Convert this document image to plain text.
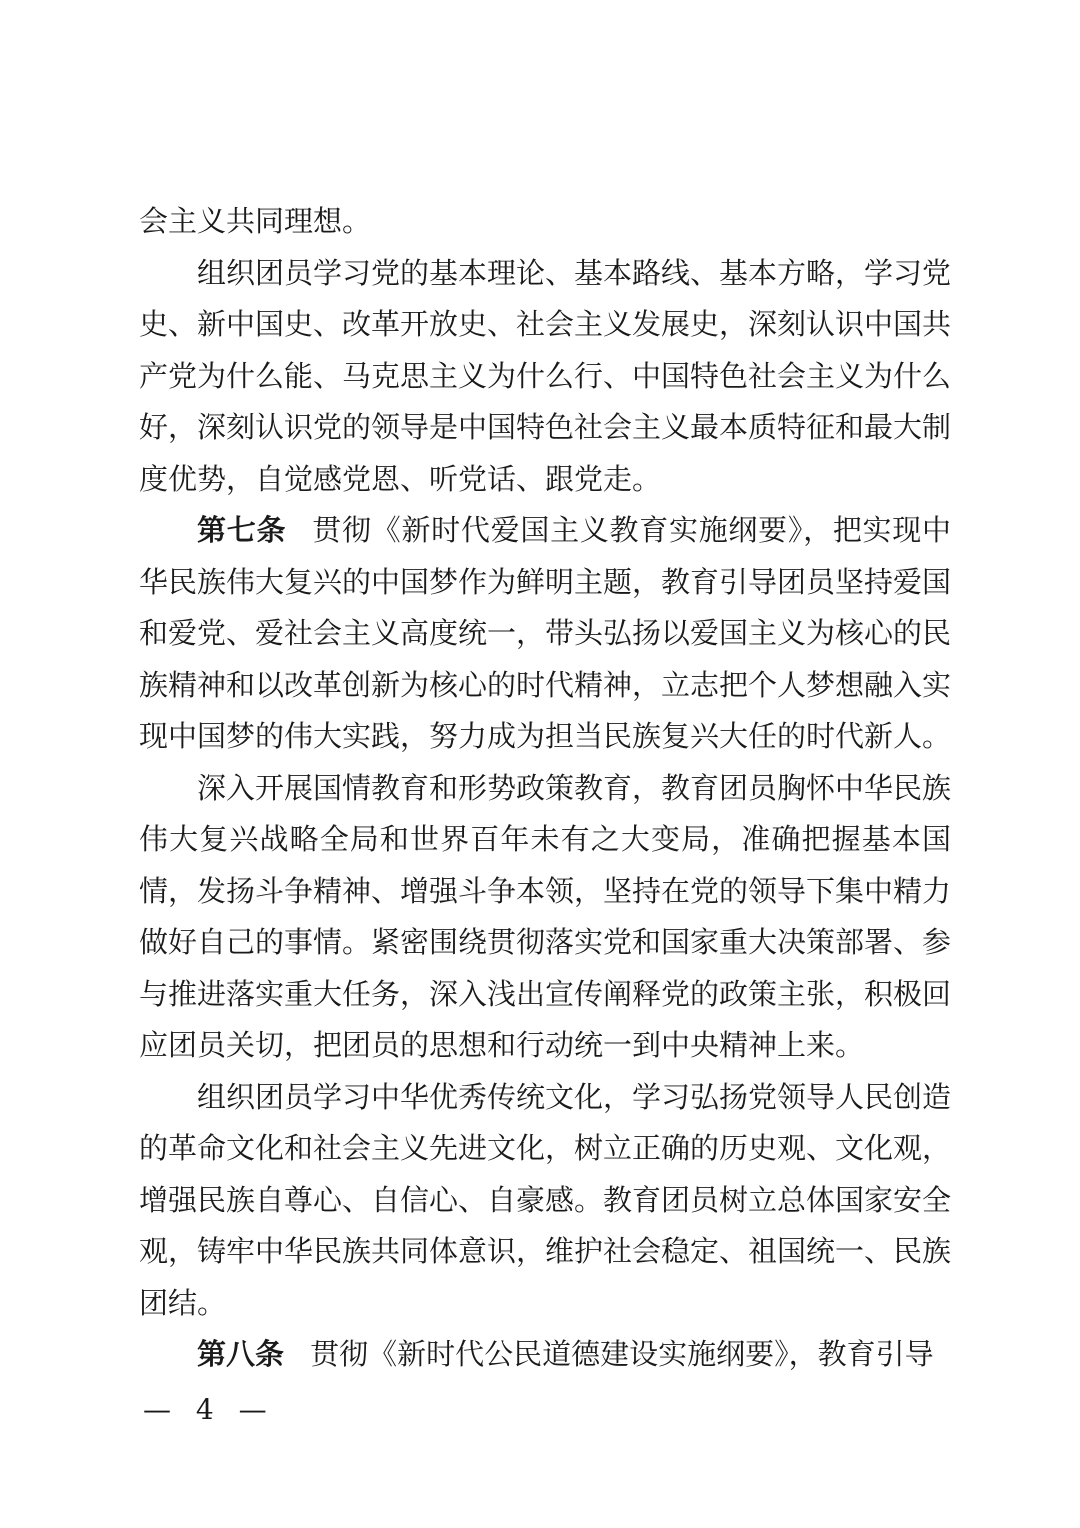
会主义共同理想。

组织团员学习党的基本理论、基本路线、基本方略，学习党史、新中国史、改革开放史、社会主义发展史，深刻认识中国共产党为什么能、马克思主义为什么行、中国特色社会主义为什么好，深刻认识党的领导是中国特色社会主义最本质特征和最大制度优势，自觉感党恩、听党话、跟党走。

第七条 贯彻《新时代爱国主义教育实施纲要》，把实现中华民族伟大复兴的中国梦作为鲜明主题，教育引导团员坚持爱国和爱党、爱社会主义高度统一，带头弘扬以爱国主义为核心的民族精神和以改革创新为核心的时代精神，立志把个人梦想融入实现中国梦的伟大实践，努力成为担当民族复兴大任的时代新人。

深入开展国情教育和形势政策教育，教育团员胸怀中华民族伟大复兴战略全局和世界百年未有之大变局，准确把握基本国情，发扬斗争精神、增强斗争本领，坚持在党的领导下集中精力做好自己的事情。紧密围绕贯彻落实党和国家重大决策部署、参与推进落实重大任务，深入浅出宣传阐释党的政策主张，积极回应团员关切，把团员的思想和行动统一到中央精神上来。

组织团员学习中华优秀传统文化，学习弘扬党领导人民创造的革命文化和社会主义先进文化，树立正确的历史观、文化观，增强民族自尊心、自信心、自豪感。教育团员树立总体国家安全观，铸牢中华民族共同体意识，维护社会稳定、祖国统一、民族团结。

第八条 贯彻《新时代公民道德建设实施纲要》，教育引导

— 4 —
